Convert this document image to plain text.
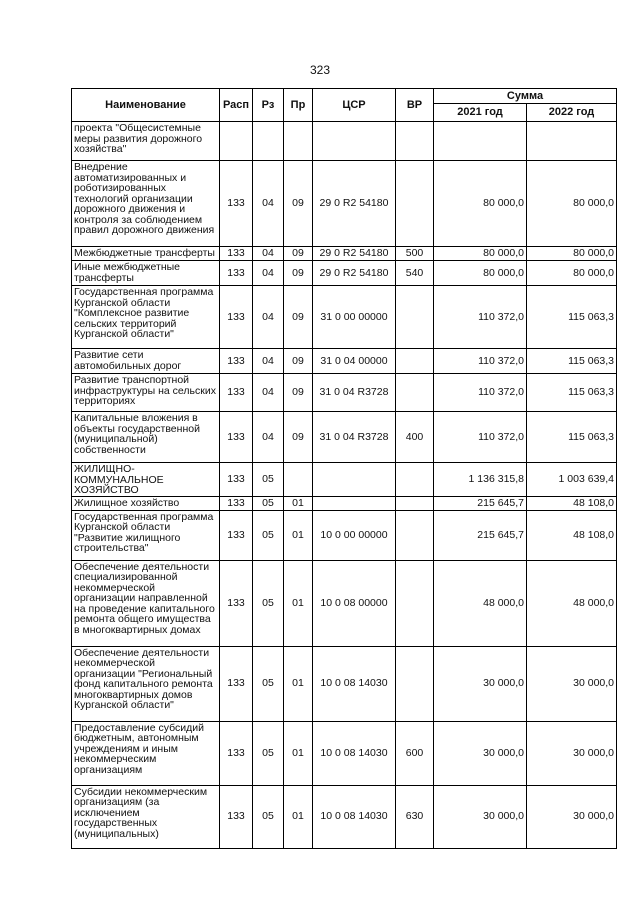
323
Наименование	Расп	Рз	Пр	ЦСР	ВР	Сумма	
						2021 год	2022 год
проекта "Общесистемные меры развития дорожного хозяйства"							
Внедрение автоматизированных и роботизированных технологий организации дорожного движения и контроля за соблюдением правил дорожного движения	133	04	09	29 0 R2 54180		80 000,0	80 000,0
Межбюджетные трансферты	133	04	09	29 0 R2 54180	500	80 000,0	80 000,0
Иные межбюджетные трансферты	133	04	09	29 0 R2 54180	540	80 000,0	80 000,0
Государственная программа Курганской области "Комплексное развитие сельских территорий Курганской области"	133	04	09	31 0 00 00000		110 372,0	115 063,3
Развитие сети автомобильных дорог	133	04	09	31 0 04 00000		110 372,0	115 063,3
Развитие транспортной инфраструктуры на сельских территориях	133	04	09	31 0 04 R3728		110 372,0	115 063,3
Капитальные вложения в объекты государственной (муниципальной) собственности	133	04	09	31 0 04 R3728	400	110 372,0	115 063,3
ЖИЛИЩНО-КОММУНАЛЬНОЕ ХОЗЯЙСТВО	133	05				1 136 315,8	1 003 639,4
Жилищное хозяйство	133	05	01			215 645,7	48 108,0
Государственная программа Курганской области "Развитие жилищного строительства"	133	05	01	10 0 00 00000		215 645,7	48 108,0
Обеспечение деятельности специализированной некоммерческой организации направленной на проведение капитального ремонта общего имущества в многоквартирных домах	133	05	01	10 0 08 00000		48 000,0	48 000,0
Обеспечение деятельности некоммерческой организации "Региональный фонд капитального ремонта многоквартирных домов Курганской области"	133	05	01	10 0 08 14030		30 000,0	30 000,0
Предоставление субсидий бюджетным, автономным учреждениям и иным некоммерческим организациям	133	05	01	10 0 08 14030	600	30 000,0	30 000,0
Субсидии некоммерческим организациям (за исключением государственных (муниципальных)	133	05	01	10 0 08 14030	630	30 000,0	30 000,0
